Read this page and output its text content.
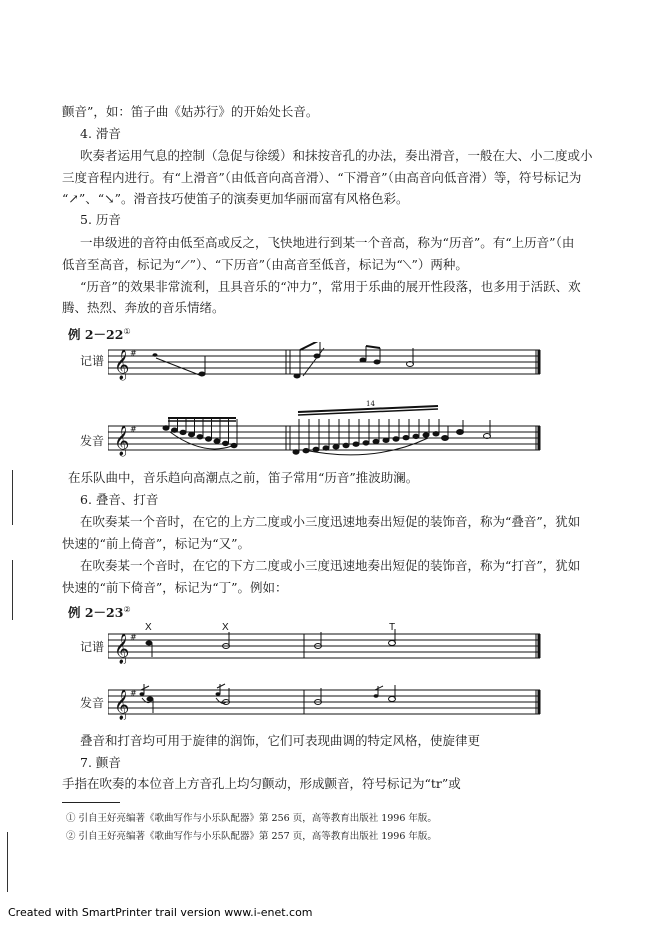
颤音”，如：笛子曲《姑苏行》的开始处长音。
4. 滑音
吹奏者运用气息的控制（急促与徐缓）和抹按音孔的办法，奏出滑音，一般在大、小二度或小
三度音程内进行。有“上滑音”（由低音向高音滑）、“下滑音”（由高音向低音滑）等，符号标记为
“↗”、“↘”。滑音技巧使笛子的演奏更加华丽而富有风格色彩。
5. 历音
一串级进的音符由低至高或反之，飞快地进行到某一个音高，称为“历音”。有“上历音”（由
低音至高音，标记为“⟋”）、“下历音”（由高音至低音，标记为“⟍”）两种。
“历音”的效果非常流利，且具音乐的“冲力”，常用于乐曲的展开性段落，也多用于活跃、欢
腾、热烈、奔放的音乐情绪。
例 2－22①
记谱 𝄞 #
发音 𝄞 #
14
在乐队曲中，音乐趋向高潮点之前，笛子常用“历音”推波助澜。
6. 叠音、打音
在吹奏某一个音时，在它的上方二度或小三度迅速地奏出短促的装饰音，称为“叠音”，犹如
快速的“前上倚音”，标记为“又”。
在吹奏某一个音时，在它的下方二度或小三度迅速地奏出短促的装饰音，称为“打音”，犹如
快速的“前下倚音”，标记为“丁”。例如：
例 2－23②
记谱 𝄞 #
X	X	T
发音 𝄞 #
叠音和打音均可用于旋律的润饰，它们可表现曲调的特定风格，使旋律更
7. 颤音
手指在吹奏的本位音上方音孔上均匀颤动，形成颤音，符号标记为“tr”或
① 引自王好亮编著《歌曲写作与小乐队配器》第 256 页，高等教育出版社 1996 年版。
② 引自王好亮编著《歌曲写作与小乐队配器》第 257 页，高等教育出版社 1996 年版。
Created with SmartPrinter trail version www.i-enet.com
